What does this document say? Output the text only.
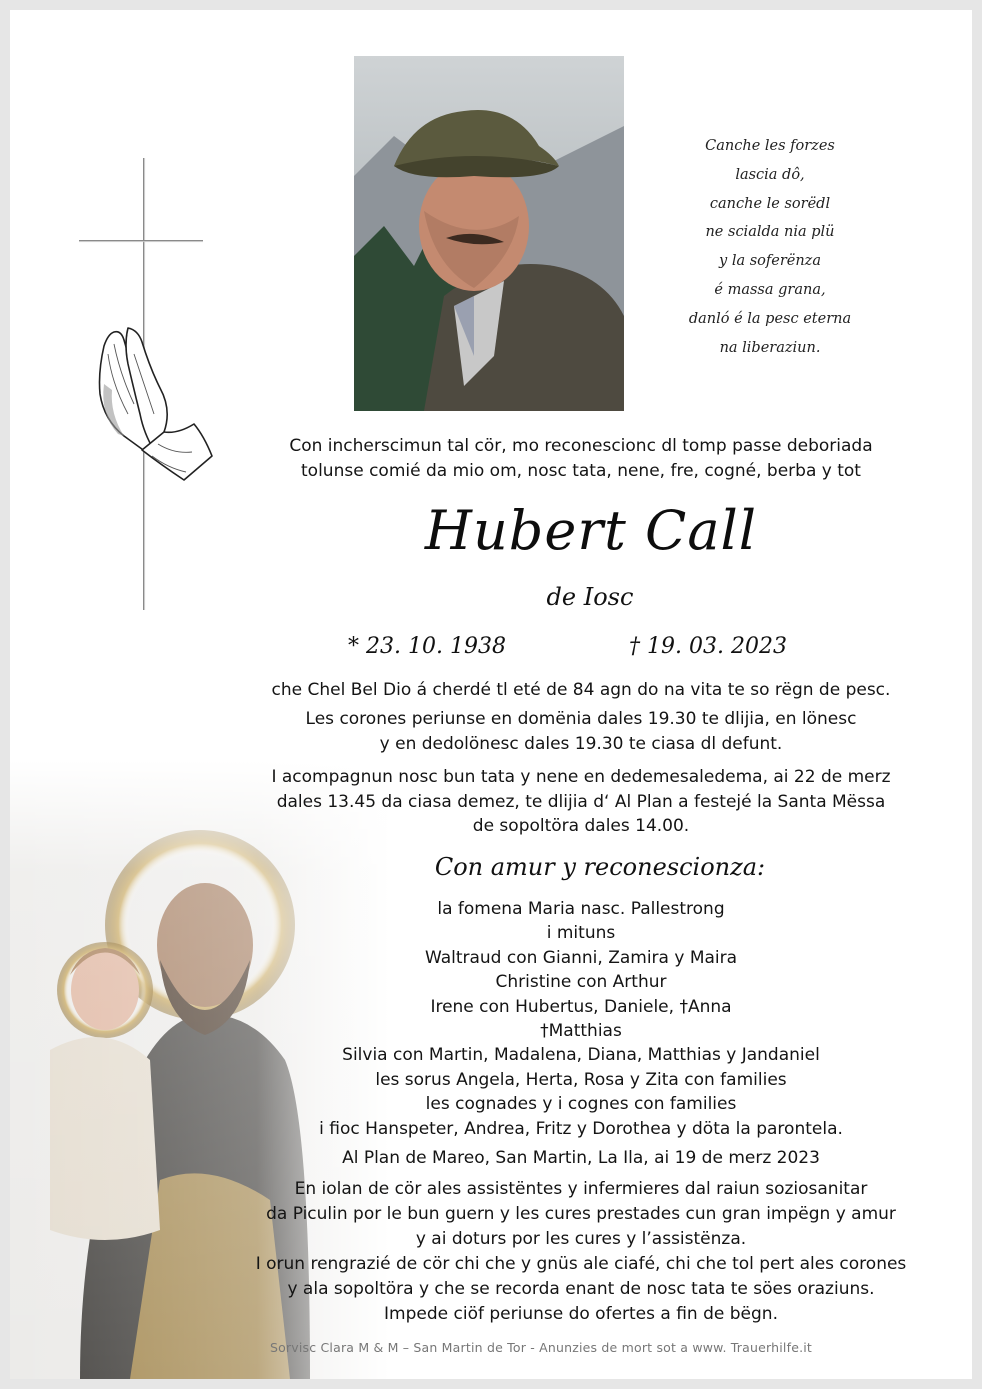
Canche les forzes
lascia dô,
canche le sorëdl
ne scialda nia plü
y la soferënza
é massa grana,
danló é la pesc eterna
na liberaziun.
Con incherscimun tal cör, mo reconescionc dl tomp passe deboriada
tolunse comié da mio om, nosc tata, nene, fre, cogné, berba y tot
Hubert Call
de Iosc
* 23. 10. 1938	† 19. 03. 2023
che Chel Bel Dio á cherdé tl eté de 84 agn do na vita te so rëgn de pesc.
Les corones periunse en domënia dales 19.30 te dlijia, en lönesc
y en dedolönesc dales 19.30 te ciasa dl defunt.
I acompagnun nosc bun tata y nene en dedemesaledema, ai 22 de merz
dales 13.45 da ciasa demez, te dlijia d‘ Al Plan a festejé la Santa Mëssa
de sopoltöra dales 14.00.
Con amur y reconescionza:
la fomena Maria nasc. Pallestrong
i mituns
Waltraud con Gianni, Zamira y Maira
Christine con Arthur
Irene con Hubertus, Daniele, †Anna
†Matthias
Silvia con Martin, Madalena, Diana, Matthias y Jandaniel
les sorus Angela, Herta, Rosa y Zita con families
les cognades y i cognes con families
i fioc Hanspeter, Andrea, Fritz y Dorothea y döta la parontela.
Al Plan de Mareo, San Martin, La Ila, ai 19 de merz 2023
En iolan de cör ales assistëntes y infermieres dal raiun soziosanitar
da Piculin por le bun guern y les cures prestades cun gran impëgn y amur
y ai doturs por les cures y l’assistënza.
I orun rengrazié de cör chi che y gnüs ale ciafé, chi che tol pert ales corones
y ala sopoltöra y che se recorda enant de nosc tata te söes oraziuns.
Impede ciöf periunse do ofertes a fin de bëgn.
Sorvisc Clara M & M – San Martin de Tor - Anunzies de mort sot a www. Trauerhilfe.it
